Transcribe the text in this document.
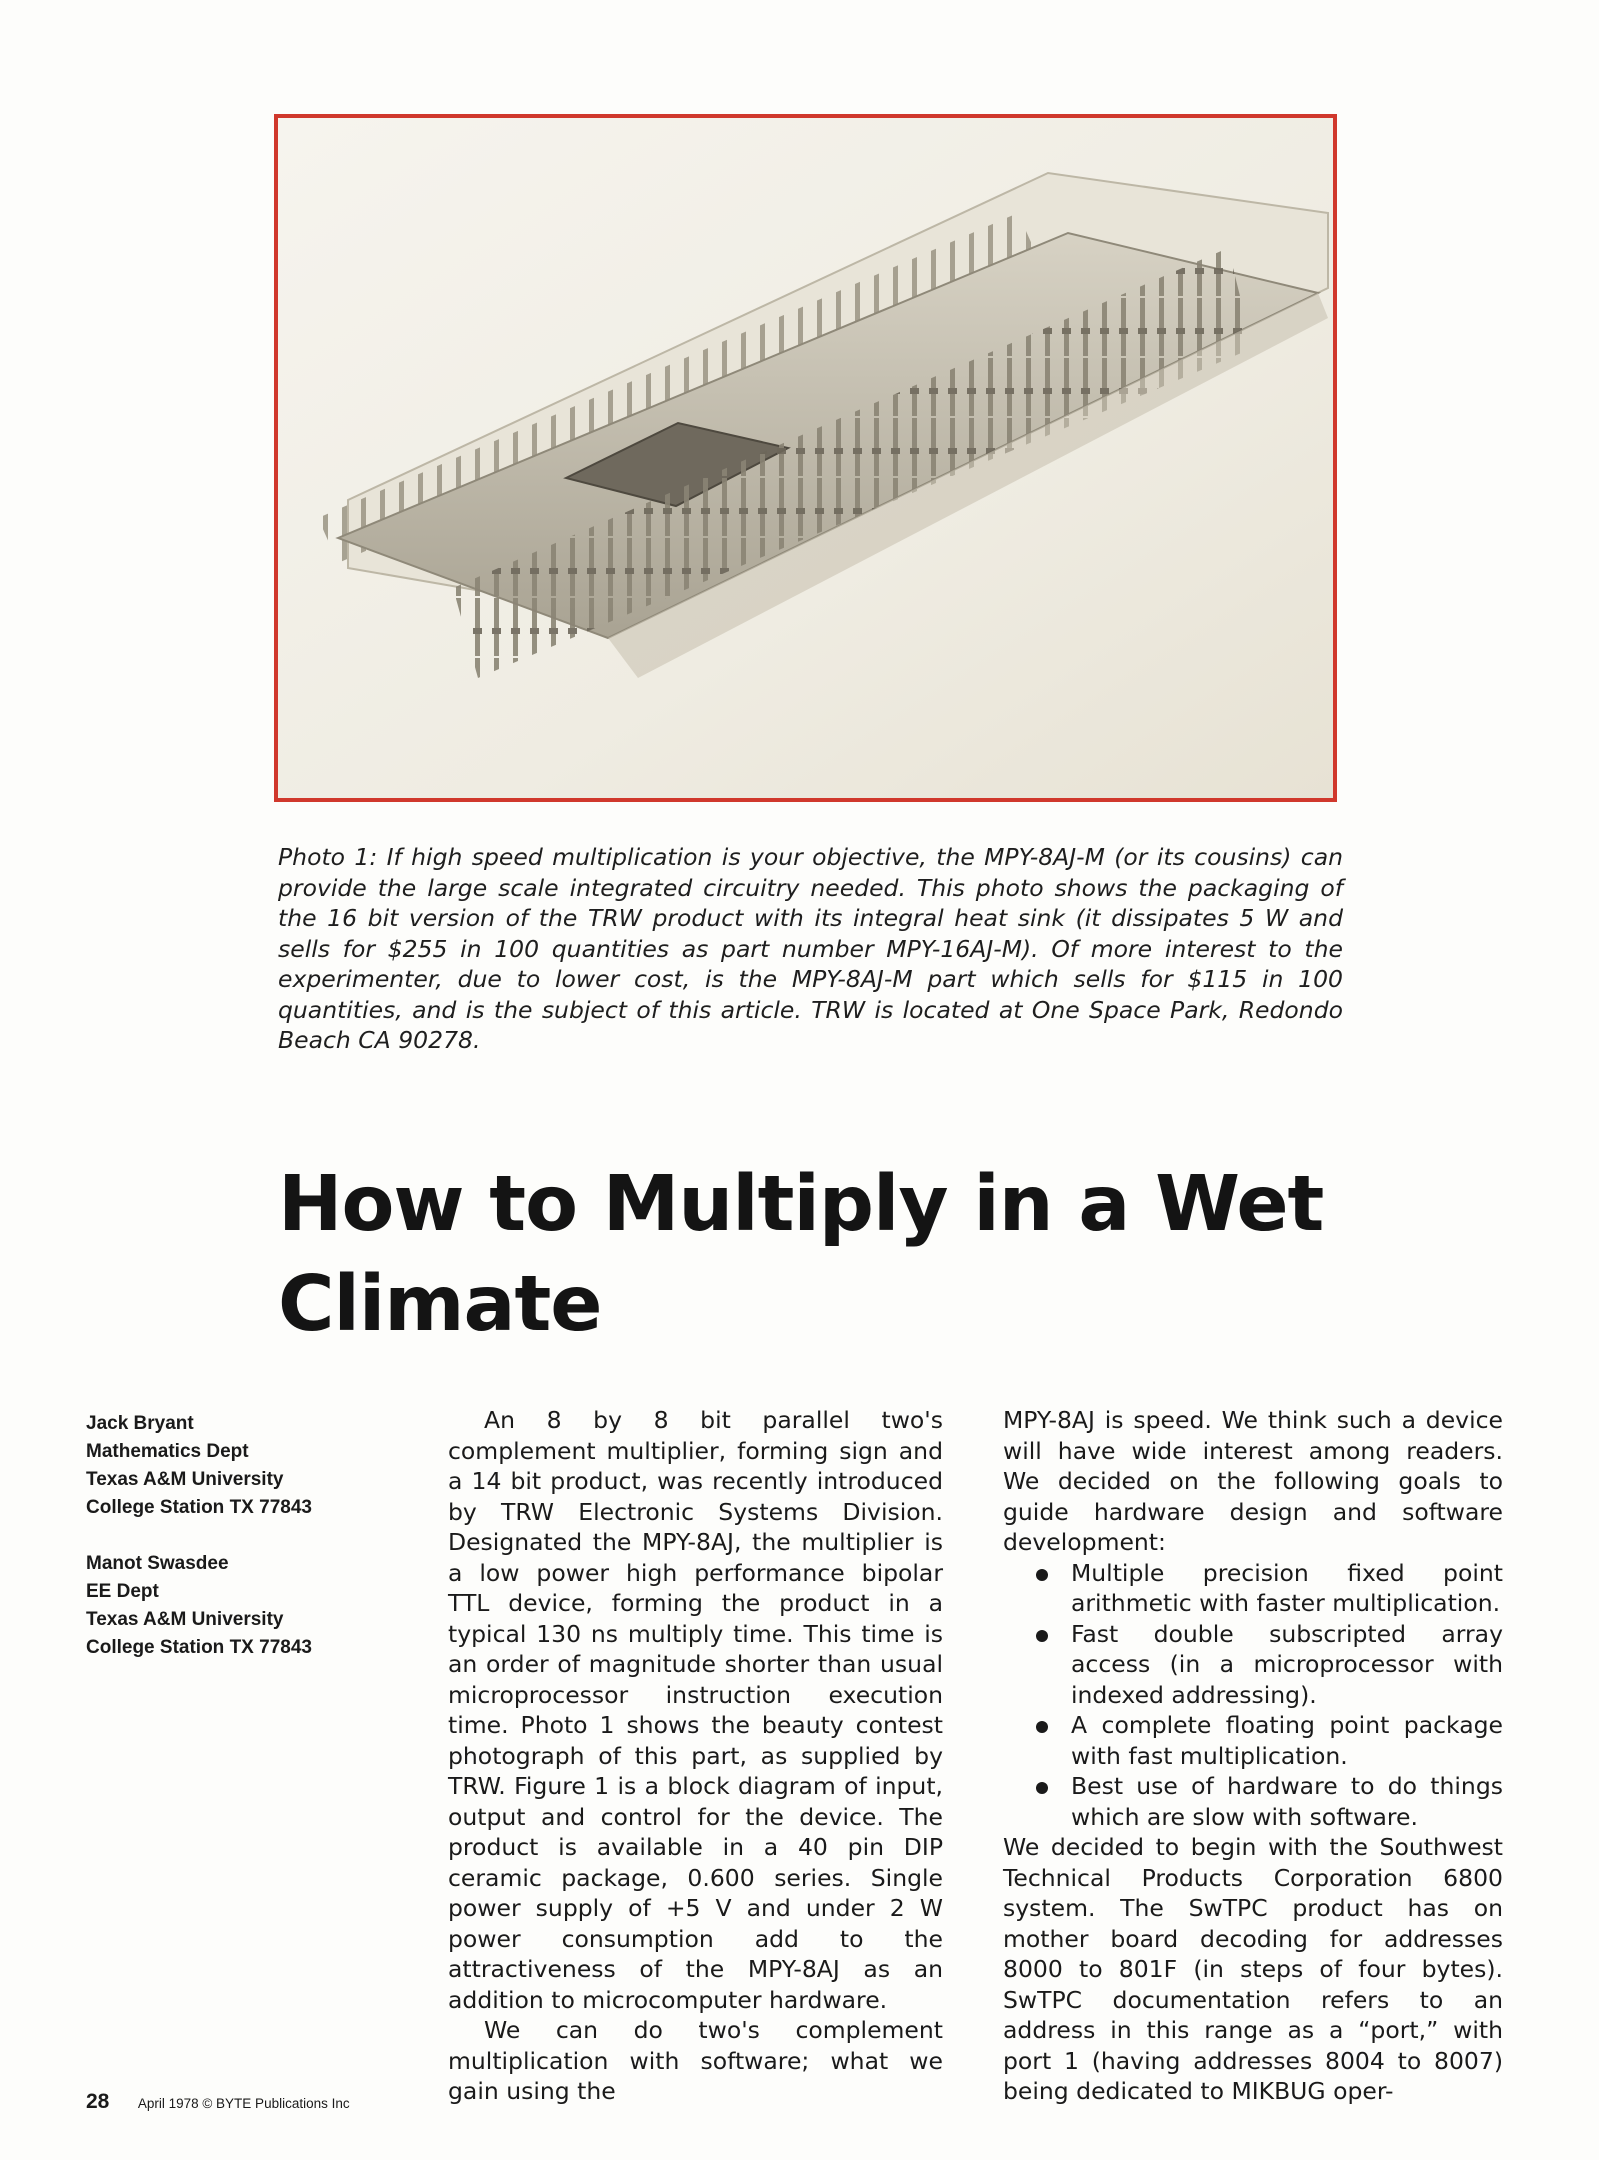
Photo 1: If high speed multiplication is your objective, the MPY-8AJ-M (or its cousins) can provide the large scale integrated circuitry needed. This photo shows the packaging of the 16 bit version of the TRW product with its integral heat sink (it dissipates 5 W and sells for $255 in 100 quantities as part number MPY-16AJ-M). Of more interest to the experimenter, due to lower cost, is the MPY-8AJ-M part which sells for $115 in 100 quantities, and is the subject of this article. TRW is located at One Space Park, Redondo Beach CA 90278.

How to Multiply in a Wet Climate
Jack Bryant
Mathematics Dept
Texas A&M University
College Station TX 77843
Manot Swasdee
EE Dept
Texas A&M University
College Station TX 77843

An 8 by 8 bit parallel two's complement multiplier, forming sign and a 14 bit product, was recently introduced by TRW Electronic Systems Division. Designated the MPY-8AJ, the multiplier is a low power high performance bipolar TTL device, forming the product in a typical 130 ns multiply time. This time is an order of magnitude shorter than usual microprocessor instruction execution time. Photo 1 shows the beauty contest photograph of this part, as supplied by TRW. Figure 1 is a block diagram of input, output and control for the device. The product is available in a 40 pin DIP ceramic package, 0.600 series. Single power supply of +5 V and under 2 W power consumption add to the attractiveness of the MPY-8AJ as an addition to microcomputer hardware.

We can do two's complement multiplication with software; what we gain using the

MPY-8AJ is speed. We think such a device will have wide interest among readers. We decided on the following goals to guide hardware design and software development:

Multiple precision fixed point arithmetic with faster multiplication.
Fast double subscripted array access (in a microprocessor with indexed addressing).
A complete floating point package with fast multiplication.
Best use of hardware to do things which are slow with software.

We decided to begin with the Southwest Technical Products Corporation 6800 system. The SwTPC product has on mother board decoding for addresses 8000 to 801F (in steps of four bytes). SwTPC documentation refers to an address in this range as a “port,” with port 1 (having addresses 8004 to 8007) being dedicated to MIKBUG oper-

28 April 1978 © BYTE Publications Inc
